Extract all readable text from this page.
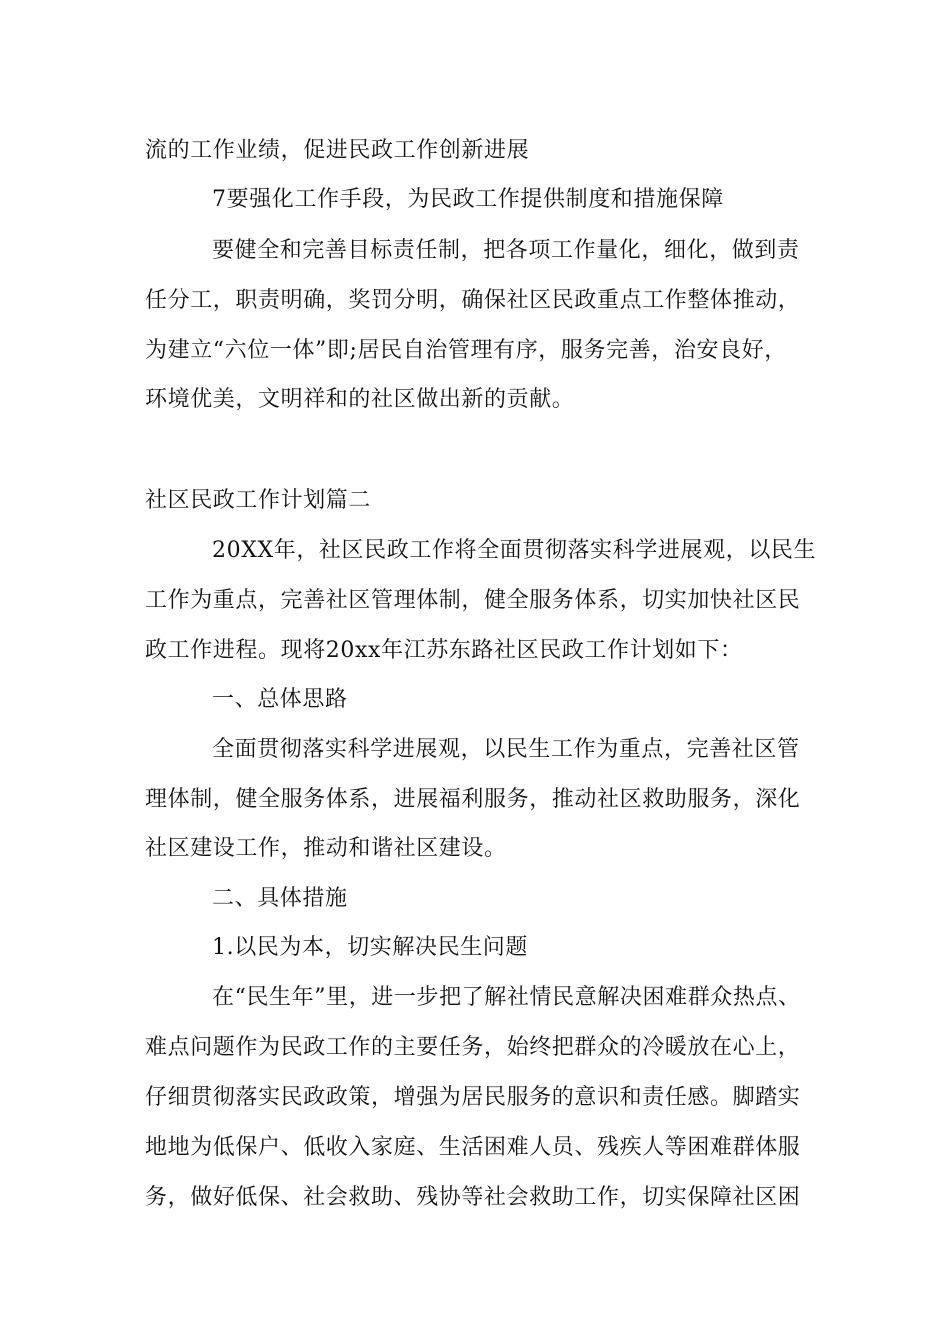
流的工作业绩，促进民政工作创新进展
7要强化工作手段，为民政工作提供制度和措施保障
要健全和完善目标责任制，把各项工作量化，细化，做到责
任分工，职责明确，奖罚分明，确保社区民政重点工作整体推动，
为建立“六位一体”即;居民自治管理有序，服务完善，治安良好，
环境优美，文明祥和的社区做出新的贡献。
社区民政工作计划篇二
20XX年，社区民政工作将全面贯彻落实科学进展观，以民生
工作为重点，完善社区管理体制，健全服务体系，切实加快社区民
政工作进程。现将20xx年江苏东路社区民政工作计划如下：
一、总体思路
全面贯彻落实科学进展观，以民生工作为重点，完善社区管
理体制，健全服务体系，进展福利服务，推动社区救助服务，深化
社区建设工作，推动和谐社区建设。
二、具体措施
1.以民为本，切实解决民生问题
在“民生年”里，进一步把了解社情民意解决困难群众热点、
难点问题作为民政工作的主要任务，始终把群众的冷暖放在心上，
仔细贯彻落实民政政策，增强为居民服务的意识和责任感。脚踏实
地地为低保户、低收入家庭、生活困难人员、残疾人等困难群体服
务，做好低保、社会救助、残协等社会救助工作，切实保障社区困
